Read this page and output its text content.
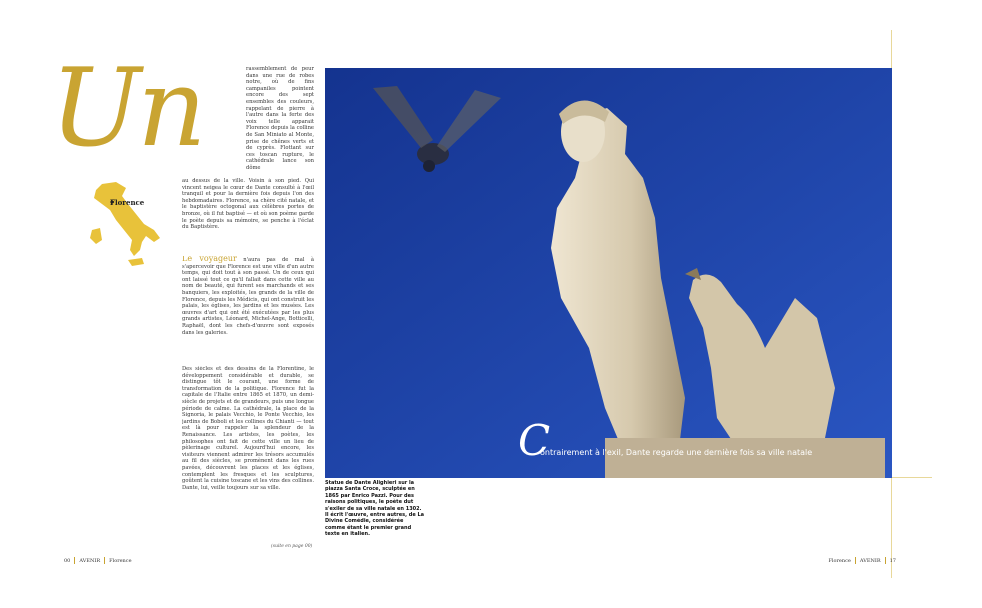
Un
Florence
rassemblement de peur dans une rue de robes notre, où de fins campaniles pointent encore des sept ensembles des couleurs, rappelant de pierre à l'autre dans la ferte des voix telle apparait Florence depuis la colline de San Miniato al Monte, prise de chênes verts et de cyprès. Flottant sur ces toscan rupture, le cathédrale lance son dôme
au dessus de la ville. Voisin à son pied. Qui vincent neigea le cœur de Dante consulté à l'œil tranquil et pour la dernière fois depuis l'on des hebdomadaires. Florence, sa chère cité natale, et le baptistère octogonal aux célèbres portes de bronze, où il fut baptisé — et où son poème garde le poète depuis sa mémoire, se penche à l'éclat du Baptistère.
Le voyageur n'aura pas de mal à s'apercevoir que Florence est une ville d'un autre temps, qui doit tout à son passé. Un de ceux qui ont laissé tout ce qu'il fallait dans cette ville au nom de beauté, qui furent ses marchands et ses banquiers, les exploités, les grands de la ville de Florence, depuis les Médicis, qui ont construit les palais, les églises, les jardins et les musées. Les œuvres d'art qui ont été exécutées par les plus grands artistes, Léonard, Michel-Ange, Botticelli, Raphaël, dont les chefs-d'œuvre sont exposés dans les galeries.
Des siècles et des dessins de la Florentine, le développement considérable et durable, se distingue tôt le courant, une forme de transformation de la politique. Florence fut la capitale de l'Italie entre 1865 et 1870, un demi-siècle de projets et de grandeurs, puis une longue période de calme. La cathédrale, la place de la Signoria, le palais Vecchio, le Ponte Vecchio, les jardins de Boboli et les collines du Chianti — tout est là pour rappeler la splendeur de la Renaissance. Les artistes, les poètes, les philosophes ont fait de cette ville un lieu de pèlerinage culturel. Aujourd'hui encore, les visiteurs viennent admirer les trésors accumulés au fil des siècles, se promènent dans les rues pavées, découvrent les places et les églises, contemplent les fresques et les sculptures, goûtent la cuisine toscane et les vins des collines. Dante, lui, veille toujours sur sa ville.
(suite en page 00)
C
ontrairement à l'exil, Dante regarde une dernière fois sa ville natale
Statue de Dante Alighieri sur la piazza Santa Croce, sculptée en 1865 par Enrico Pazzi. Pour des raisons politiques, le poète dut s'exiler de sa ville natale en 1302. Il écrit l'œuvre, entre autres, de La Divine Comédie, considérée comme étant le premier grand texte en italien.
00 AVENIR Florence	Florence AVENIR 17
